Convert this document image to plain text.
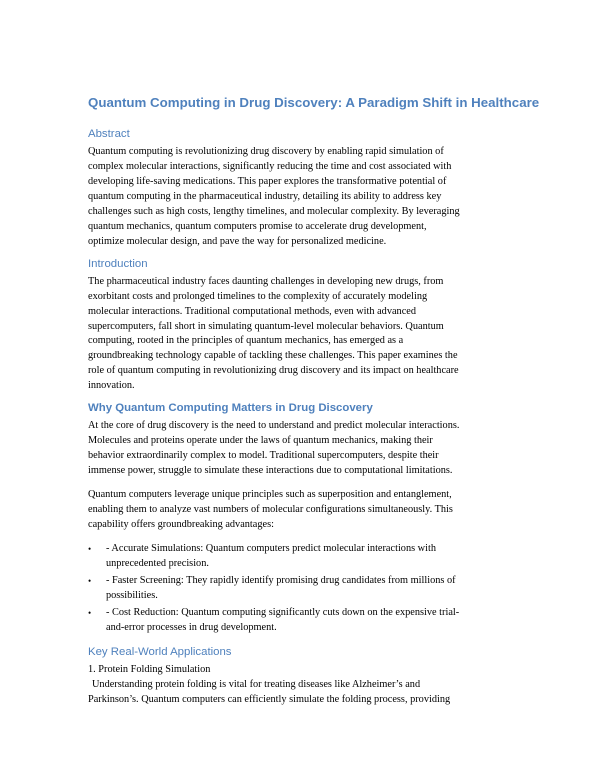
Quantum Computing in Drug Discovery: A Paradigm Shift in Healthcare
Abstract

Quantum computing is revolutionizing drug discovery by enabling rapid simulation of
complex molecular interactions, significantly reducing the time and cost associated with
developing life-saving medications. This paper explores the transformative potential of
quantum computing in the pharmaceutical industry, detailing its ability to address key
challenges such as high costs, lengthy timelines, and molecular complexity. By leveraging
quantum mechanics, quantum computers promise to accelerate drug development,
optimize molecular design, and pave the way for personalized medicine.

Introduction

The pharmaceutical industry faces daunting challenges in developing new drugs, from
exorbitant costs and prolonged timelines to the complexity of accurately modeling
molecular interactions. Traditional computational methods, even with advanced
supercomputers, fall short in simulating quantum-level molecular behaviors. Quantum
computing, rooted in the principles of quantum mechanics, has emerged as a
groundbreaking technology capable of tackling these challenges. This paper examines the
role of quantum computing in revolutionizing drug discovery and its impact on healthcare
innovation.

Why Quantum Computing Matters in Drug Discovery

At the core of drug discovery is the need to understand and predict molecular interactions.
Molecules and proteins operate under the laws of quantum mechanics, making their
behavior extraordinarily complex to model. Traditional supercomputers, despite their
immense power, struggle to simulate these interactions due to computational limitations.

Quantum computers leverage unique principles such as superposition and entanglement,
enabling them to analyze vast numbers of molecular configurations simultaneously. This
capability offers groundbreaking advantages:

• - Accurate Simulations: Quantum computers predict molecular interactions with
unprecedented precision.
• - Faster Screening: They rapidly identify promising drug candidates from millions of
possibilities.
• - Cost Reduction: Quantum computing significantly cuts down on the expensive trial-
and-error processes in drug development.
Key Real-World Applications

1. Protein Folding Simulation
Understanding protein folding is vital for treating diseases like Alzheimer’s and
Parkinson’s. Quantum computers can efficiently simulate the folding process, providing
